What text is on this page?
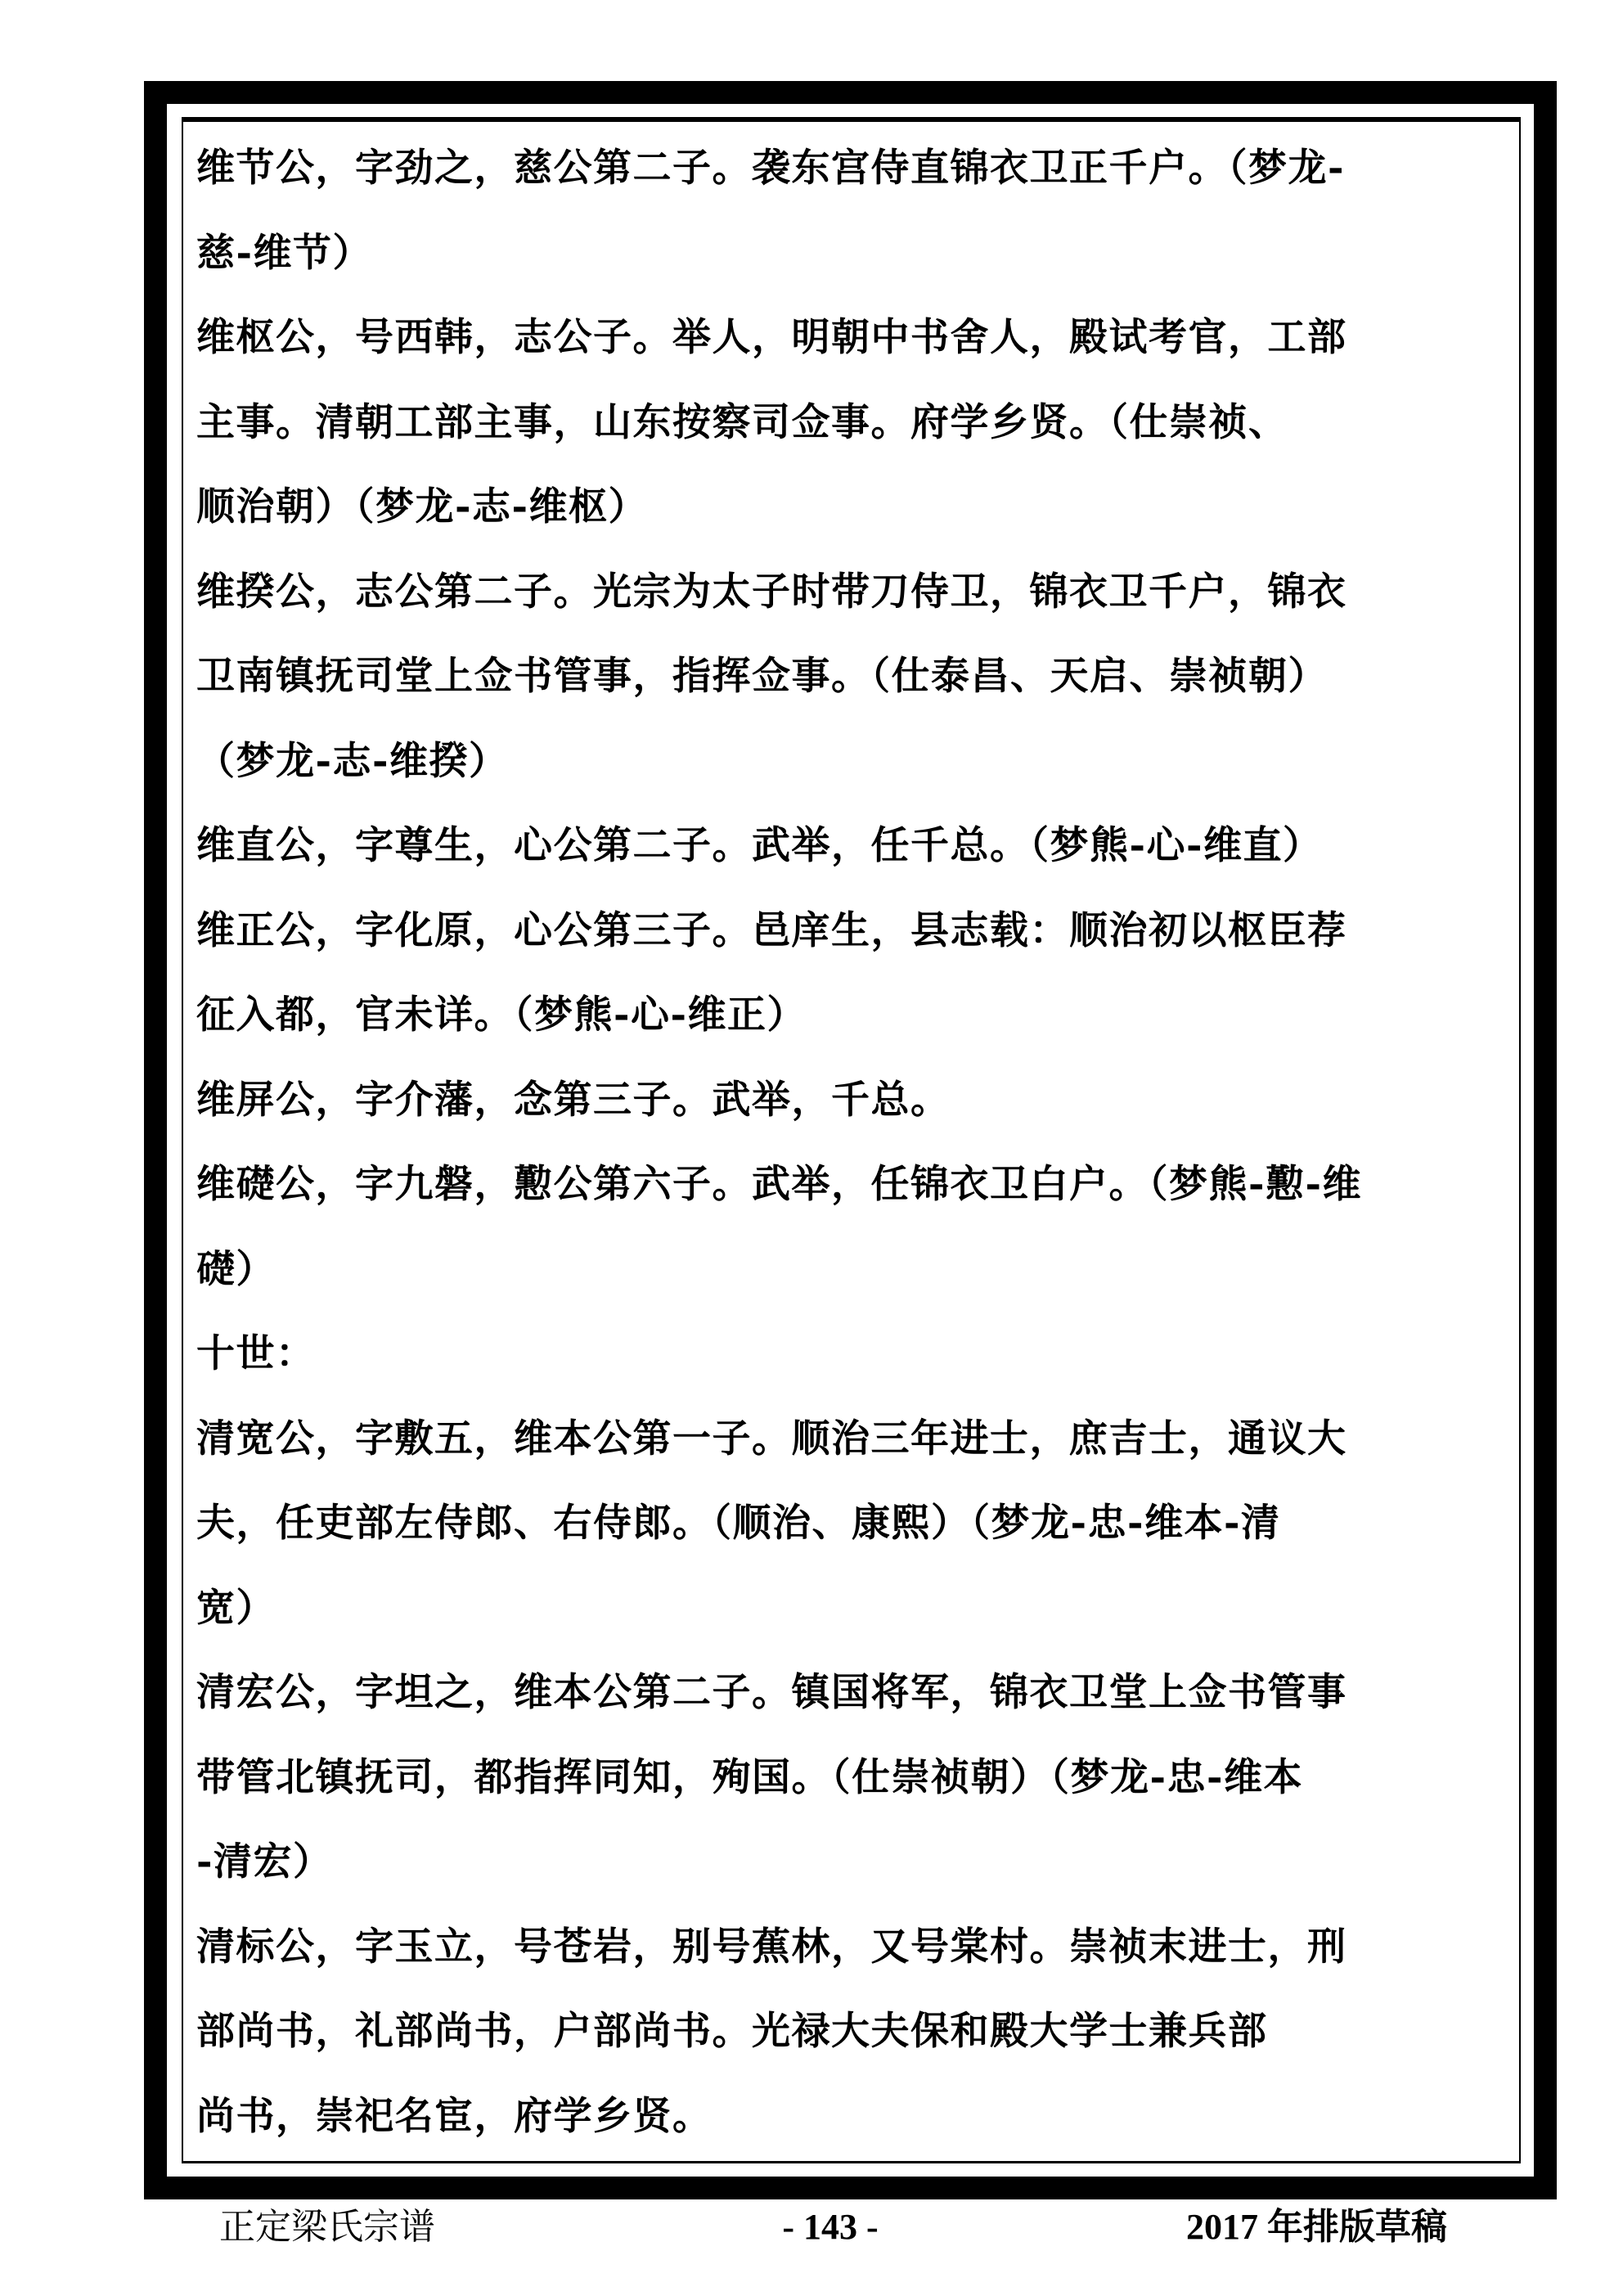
维节公，字劲之，慈公第二子。袭东宫侍直锦衣卫正千户。（梦龙-
慈-维节）

维枢公，号西韩，志公子。举人，明朝中书舍人，殿试考官，工部
主事。清朝工部主事，山东按察司佥事。府学乡贤。（仕崇祯、
顺治朝）（梦龙-志-维枢）

维揆公，志公第二子。光宗为太子时带刀侍卫，锦衣卫千户，锦衣
卫南镇抚司堂上佥书管事，指挥佥事。（仕泰昌、天启、崇祯朝）
（梦龙-志-维揆）

维直公，字尊生，心公第二子。武举，任千总。（梦熊-心-维直）

维正公，字化原，心公第三子。邑庠生，县志载：顺治初以枢臣荐
征入都，官未详。（梦熊-心-维正）

维屏公，字介藩，念第三子。武举，千总。

维礎公，字九磐，懃公第六子。武举，任锦衣卫白户。（梦熊-懃-维
礎）

十世：

清宽公，字敷五，维本公第一子。顺治三年进士，庶吉士，通议大
夫，任吏部左侍郎、右侍郎。（顺治、康熙）（梦龙-忠-维本-清
宽）

清宏公，字坦之，维本公第二子。镇国将军，锦衣卫堂上佥书管事
带管北镇抚司，都指挥同知，殉国。（仕崇祯朝）（梦龙-忠-维本
-清宏）

清标公，字玉立，号苍岩，别号蕉林，又号棠村。崇祯末进士，刑
部尚书，礼部尚书，户部尚书。光禄大夫保和殿大学士兼兵部
尚书，崇祀名宦，府学乡贤。

正定梁氏宗谱	- 143 -	2017 年排版草稿
